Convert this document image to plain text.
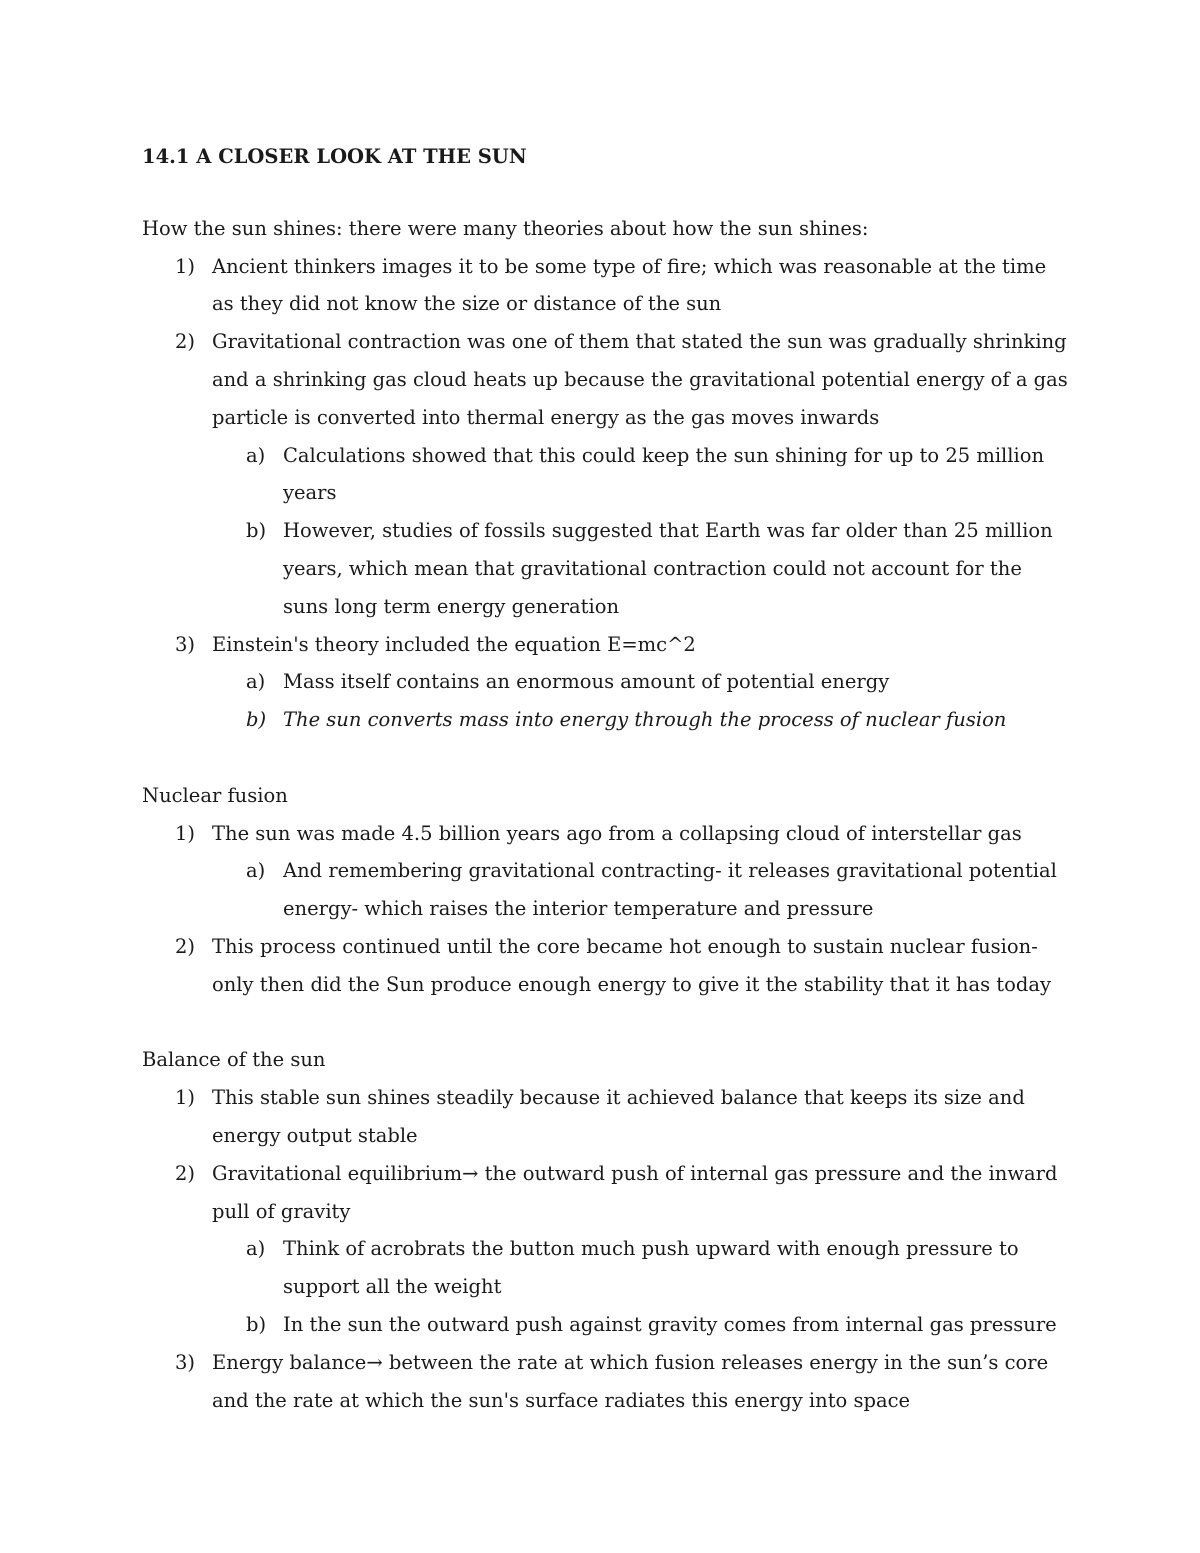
14.1 A CLOSER LOOK AT THE SUN
How the sun shines: there were many theories about how the sun shines:
1) Ancient thinkers images it to be some type of fire; which was reasonable at the time as they did not know the size or distance of the sun
2) Gravitational contraction was one of them that stated the sun was gradually shrinking and a shrinking gas cloud heats up because the gravitational potential energy of a gas particle is converted into thermal energy as the gas moves inwards
a) Calculations showed that this could keep the sun shining for up to 25 million years
b) However, studies of fossils suggested that Earth was far older than 25 million years, which mean that gravitational contraction could not account for the suns long term energy generation
3) Einstein's theory included the equation E=mc^2
a) Mass itself contains an enormous amount of potential energy
b) The sun converts mass into energy through the process of nuclear fusion
Nuclear fusion
1) The sun was made 4.5 billion years ago from a collapsing cloud of interstellar gas
a) And remembering gravitational contracting- it releases gravitational potential energy- which raises the interior temperature and pressure
2) This process continued until the core became hot enough to sustain nuclear fusion- only then did the Sun produce enough energy to give it the stability that it has today
Balance of the sun
1) This stable sun shines steadily because it achieved balance that keeps its size and energy output stable
2) Gravitational equilibrium→ the outward push of internal gas pressure and the inward pull of gravity
a) Think of acrobrats the button much push upward with enough pressure to support all the weight
b) In the sun the outward push against gravity comes from internal gas pressure
3) Energy balance→ between the rate at which fusion releases energy in the sun’s core and the rate at which the sun's surface radiates this energy into space
